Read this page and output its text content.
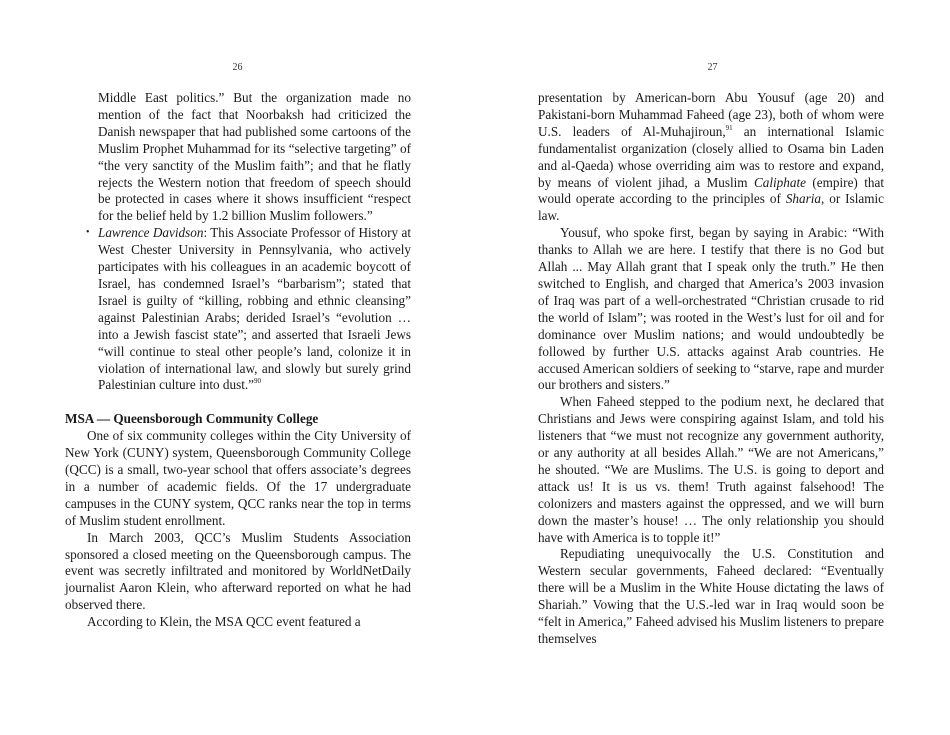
26

Middle East politics.” But the organization made no mention of the fact that Noorbaksh had criticized the Danish newspaper that had published some cartoons of the Muslim Prophet Muhammad for its “selective targeting” of “the very sanctity of the Muslim faith”; and that he flatly rejects the Western notion that freedom of speech should be protected in cases where it shows insufficient “respect for the belief held by 1.2 billion Muslim followers.”

• Lawrence Davidson: This Associate Professor of History at West Chester University in Pennsylvania, who actively participates with his colleagues in an academic boycott of Israel, has condemned Israel’s “barbarism”; stated that Israel is guilty of “killing, robbing and ethnic cleansing” against Palestinian Arabs; derided Israel’s “evolution … into a Jewish fascist state”; and asserted that Israeli Jews “will continue to steal other people’s land, colonize it in violation of international law, and slowly but surely grind Palestinian culture into dust.”$^{90}$

MSA — Queensborough Community College

One of six community colleges within the City University of New York (CUNY) system, Queensborough Community College (QCC) is a small, two-year school that offers associate’s degrees in a number of academic fields. Of the 17 undergraduate campuses in the CUNY system, QCC ranks near the top in terms of Muslim student enrollment.

In March 2003, QCC’s Muslim Students Association sponsored a closed meeting on the Queensborough campus. The event was secretly infiltrated and monitored by WorldNetDaily journalist Aaron Klein, who afterward reported on what he had observed there.

According to Klein, the MSA QCC event featured a

27

presentation by American-born Abu Yousuf (age 20) and Pakistani-born Muhammad Faheed (age 23), both of whom were U.S. leaders of Al-Muhajiroun,$^{91}$ an international Islamic fundamentalist organization (closely allied to Osama bin Laden and al-Qaeda) whose overriding aim was to restore and expand, by means of violent jihad, a Muslim Caliphate (empire) that would operate according to the principles of Sharia, or Islamic law.

Yousuf, who spoke first, began by saying in Arabic: “With thanks to Allah we are here. I testify that there is no God but Allah ... May Allah grant that I speak only the truth.” He then switched to English, and charged that America’s 2003 invasion of Iraq was part of a well-orchestrated “Christian crusade to rid the world of Islam”; was rooted in the West’s lust for oil and for dominance over Muslim nations; and would undoubtedly be followed by further U.S. attacks against Arab countries. He accused American soldiers of seeking to “starve, rape and murder our brothers and sisters.”

When Faheed stepped to the podium next, he declared that Christians and Jews were conspiring against Islam, and told his listeners that “we must not recognize any government authority, or any authority at all besides Allah.” “We are not Americans,” he shouted. “We are Muslims. The U.S. is going to deport and attack us! It is us vs. them! Truth against falsehood! The colonizers and masters against the oppressed, and we will burn down the master’s house! … The only relationship you should have with America is to topple it!”

Repudiating unequivocally the U.S. Constitution and Western secular governments, Faheed declared: “Eventually there will be a Muslim in the White House dictating the laws of Shariah.” Vowing that the U.S.-led war in Iraq would soon be “felt in America,” Faheed advised his Muslim listeners to prepare themselves
